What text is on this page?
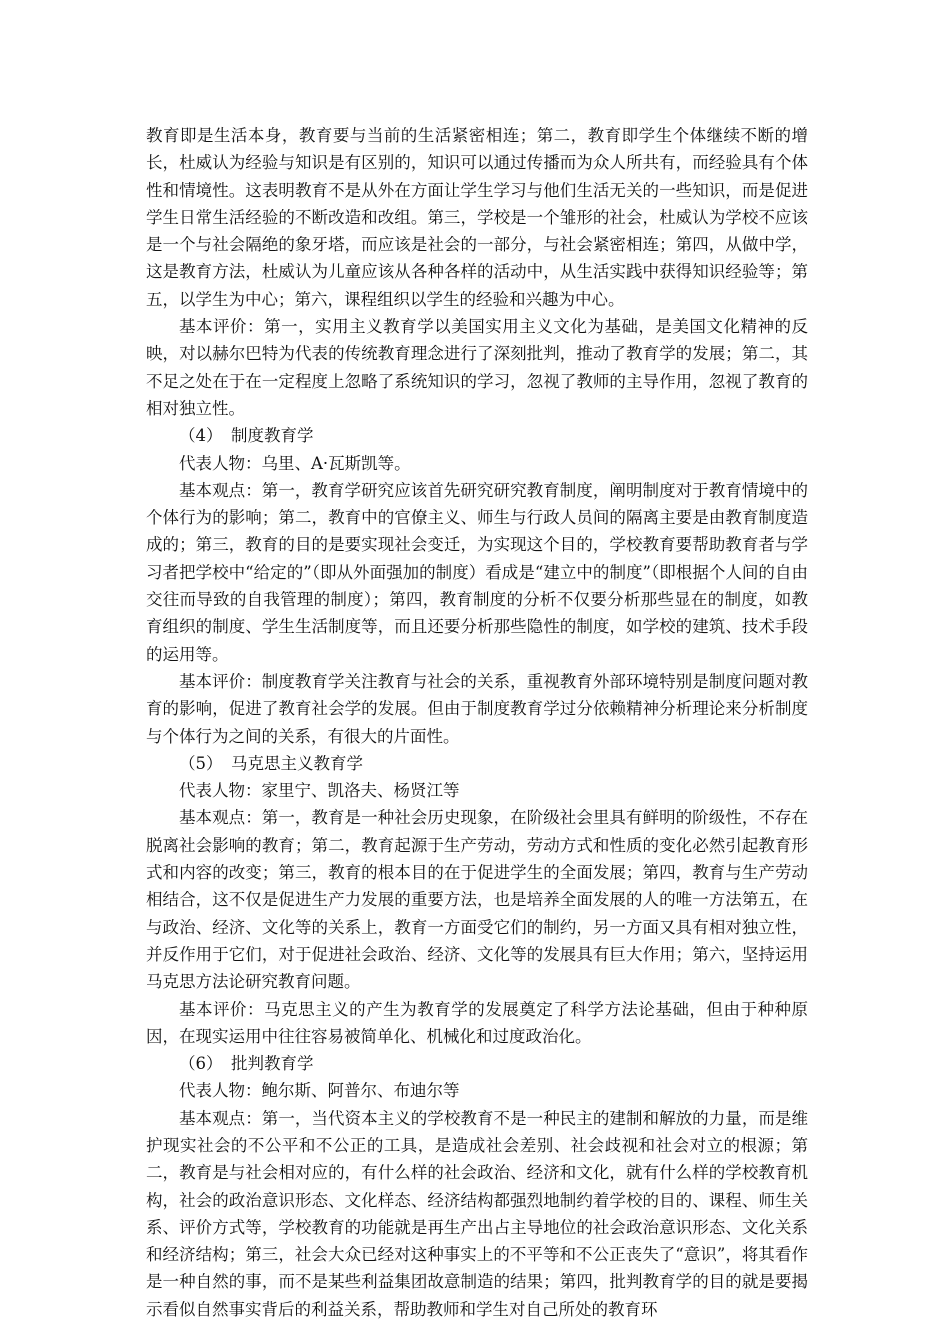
教育即是生活本身，教育要与当前的生活紧密相连；第二，教育即学生个体继续不断的增长，杜威认为经验与知识是有区别的，知识可以通过传播而为众人所共有，而经验具有个体性和情境性。这表明教育不是从外在方面让学生学习与他们生活无关的一些知识，而是促进学生日常生活经验的不断改造和改组。第三，学校是一个雏形的社会，杜威认为学校不应该是一个与社会隔绝的象牙塔，而应该是社会的一部分，与社会紧密相连；第四，从做中学，这是教育方法，杜威认为儿童应该从各种各样的活动中，从生活实践中获得知识经验等；第五，以学生为中心；第六，课程组织以学生的经验和兴趣为中心。

基本评价：第一，实用主义教育学以美国实用主义文化为基础，是美国文化精神的反映，对以赫尔巴特为代表的传统教育理念进行了深刻批判，推动了教育学的发展；第二，其不足之处在于在一定程度上忽略了系统知识的学习，忽视了教师的主导作用，忽视了教育的相对独立性。

（4） 制度教育学

代表人物：乌里、A·瓦斯凯等。

基本观点：第一，教育学研究应该首先研究研究教育制度，阐明制度对于教育情境中的个体行为的影响；第二，教育中的官僚主义、师生与行政人员间的隔离主要是由教育制度造成的；第三，教育的目的是要实现社会变迁，为实现这个目的，学校教育要帮助教育者与学习者把学校中“给定的”（即从外面强加的制度）看成是“建立中的制度”（即根据个人间的自由交往而导致的自我管理的制度）；第四，教育制度的分析不仅要分析那些显在的制度，如教育组织的制度、学生生活制度等，而且还要分析那些隐性的制度，如学校的建筑、技术手段的运用等。

基本评价：制度教育学关注教育与社会的关系，重视教育外部环境特别是制度问题对教育的影响，促进了教育社会学的发展。但由于制度教育学过分依赖精神分析理论来分析制度与个体行为之间的关系，有很大的片面性。

（5） 马克思主义教育学

代表人物：家里宁、凯洛夫、杨贤江等

基本观点：第一，教育是一种社会历史现象，在阶级社会里具有鲜明的阶级性，不存在脱离社会影响的教育；第二，教育起源于生产劳动，劳动方式和性质的变化必然引起教育形式和内容的改变；第三，教育的根本目的在于促进学生的全面发展；第四，教育与生产劳动相结合，这不仅是促进生产力发展的重要方法，也是培养全面发展的人的唯一方法第五，在与政治、经济、文化等的关系上，教育一方面受它们的制约，另一方面又具有相对独立性，并反作用于它们，对于促进社会政治、经济、文化等的发展具有巨大作用；第六，坚持运用马克思方法论研究教育问题。

基本评价：马克思主义的产生为教育学的发展奠定了科学方法论基础，但由于种种原因，在现实运用中往往容易被简单化、机械化和过度政治化。

（6） 批判教育学

代表人物：鲍尔斯、阿普尔、布迪尔等

基本观点：第一，当代资本主义的学校教育不是一种民主的建制和解放的力量，而是维护现实社会的不公平和不公正的工具，是造成社会差别、社会歧视和社会对立的根源；第二，教育是与社会相对应的，有什么样的社会政治、经济和文化，就有什么样的学校教育机构，社会的政治意识形态、文化样态、经济结构都强烈地制约着学校的目的、课程、师生关系、评价方式等，学校教育的功能就是再生产出占主导地位的社会政治意识形态、文化关系和经济结构；第三，社会大众已经对这种事实上的不平等和不公正丧失了“意识”，将其看作是一种自然的事，而不是某些利益集团故意制造的结果；第四，批判教育学的目的就是要揭示看似自然事实背后的利益关系，帮助教师和学生对自己所处的教育环
